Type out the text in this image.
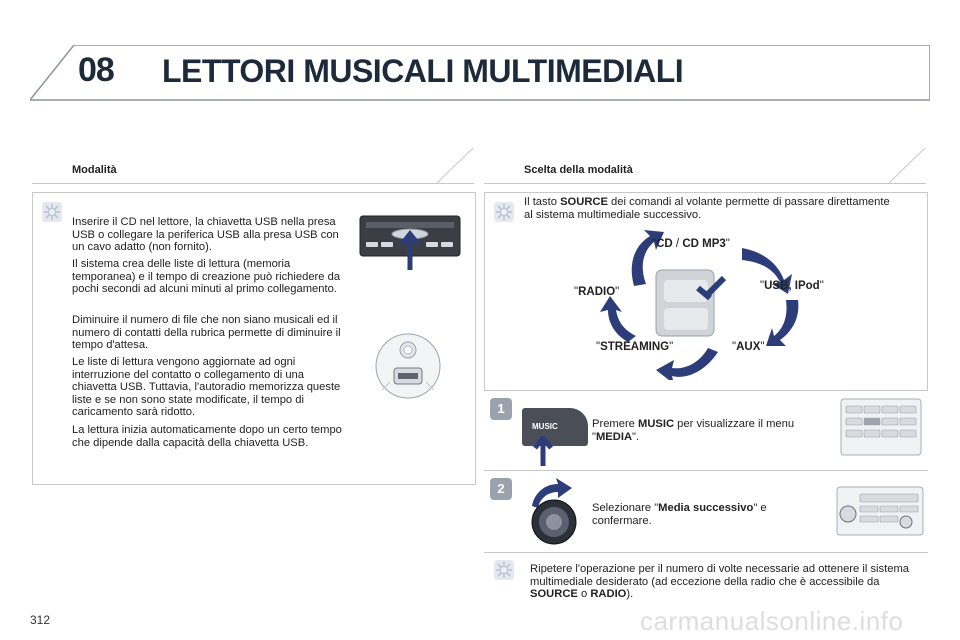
08 LETTORI MUSICALI MULTIMEDIALI
Modalità

Inserire il CD nel lettore, la chiavetta USB nella presa USB o collegare la periferica USB alla presa USB con un cavo adatto (non fornito).

Il sistema crea delle liste di lettura (memoria temporanea) e il tempo di creazione può richiedere da pochi secondi ad alcuni minuti al primo collegamento.

Diminuire il numero di file che non siano musicali ed il numero di contatti della rubrica permette di diminuire il tempo d'attesa.

Le liste di lettura vengono aggiornate ad ogni interruzione del contatto o collegamento di una chiavetta USB. Tuttavia, l'autoradio memorizza queste liste e se non sono state modificate, il tempo di caricamento sarà ridotto.

La lettura inizia automaticamente dopo un certo tempo che dipende dalla capacità della chiavetta USB.

Scelta della modalità

Il tasto SOURCE dei comandi al volante permette di passare direttamente al sistema multimediale successivo.

"CD / CD MP3"
"USB, IPod"
"AUX"
"STREAMING"
"RADIO"
1
MUSIC	Premere MUSIC per visualizzare il menu "MEDIA".

2

Selezionare "Media successivo" e confermare.

Ripetere l'operazione per il numero di volte necessarie ad ottenere il sistema multimediale desiderato (ad eccezione della radio che è accessibile da SOURCE o RADIO).

312	carmanualsonline.info
